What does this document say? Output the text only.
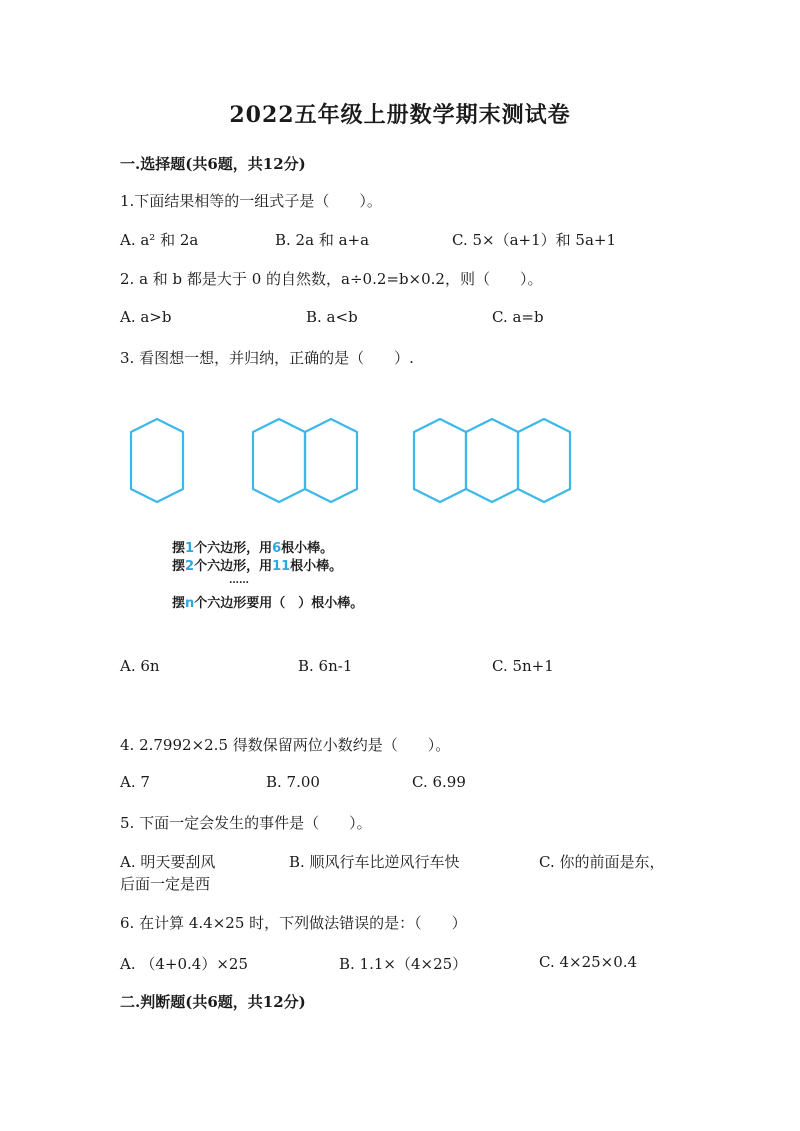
2022五年级上册数学期末测试卷
一.选择题(共6题，共12分)
1.下面结果相等的一组式子是（　　）。
A. a² 和 2a	B. 2a 和 a+a	C. 5×（a+1）和 5a+1
2. a 和 b 都是大于 0 的自然数，a÷0.2=b×0.2，则（　　）。
A. a>b	B. a<b	C. a=b
3. 看图想一想，并归纳，正确的是（　　）.
摆1个六边形，用6根小棒。
摆2个六边形，用11根小棒。
……
摆n个六边形要用（　）根小棒。
A. 6n	B. 6n-1	C. 5n+1
4. 2.7992×2.5 得数保留两位小数约是（　　）。
A. 7	B. 7.00	C. 6.99
5. 下面一定会发生的事件是（　　）。
A. 明天要刮风	B. 顺风行车比逆风行车快	C. 你的前面是东，
后面一定是西
6. 在计算 4.4×25 时，下列做法错误的是：（　　）
A. （4+0.4）×25	B. 1.1×（4×25）	C. 4×25×0.4
二.判断题(共6题，共12分)
